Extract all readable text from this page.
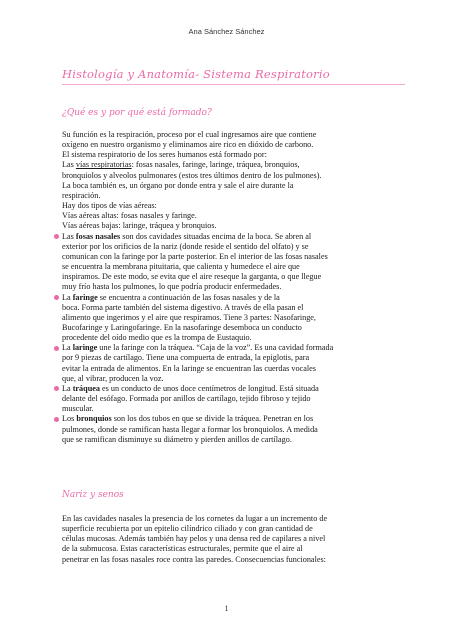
Ana Sánchez Sánchez
Histología y Anatomía- Sistema Respiratorio
¿Qué es y por qué está formado?
Su función es la respiración, proceso por el cual ingresamos aire que contiene
oxígeno en nuestro organismo y eliminamos aire rico en dióxido de carbono.
El sistema respiratorio de los seres humanos está formado por:
Las vías respiratorias: fosas nasales, faringe, laringe, tráquea, bronquios,
bronquiolos y alveolos pulmonares (estos tres últimos dentro de los pulmones).
La boca también es, un órgano por donde entra y sale el aire durante la
respiración.
Hay dos tipos de vías aéreas:
Vías aéreas altas: fosas nasales y faringe.
Vías aéreas bajas: laringe, tráquea y bronquios.
Las fosas nasales son dos cavidades situadas encima de la boca. Se abren al
exterior por los orificios de la nariz (donde reside el sentido del olfato) y se
comunican con la faringe por la parte posterior. En el interior de las fosas nasales
se encuentra la membrana pituitaria, que calienta y humedece el aire que
inspiramos. De este modo, se evita que el aire reseque la garganta, o que llegue
muy frío hasta los pulmones, lo que podría producir enfermedades.
La faringe se encuentra a continuación de las fosas nasales y de la
boca. Forma parte también del sistema digestivo. A través de ella pasan el
alimento que ingerimos y el aire que respiramos. Tiene 3 partes: Nasofaringe,
Bucofaringe y Laringofaringe. En la nasofaringe desemboca un conducto
procedente del oído medio que es la trompa de Eustaquio.
La laringe une la faringe con la tráquea. “Caja de la voz”. Es una cavidad formada
por 9 piezas de cartílago. Tiene una compuerta de entrada, la epiglotis, para
evitar la entrada de alimentos. En la laringe se encuentran las cuerdas vocales
que, al vibrar, producen la voz.
La tráquea es un conducto de unos doce centímetros de longitud. Está situada
delante del esófago. Formada por anillos de cartílago, tejido fibroso y tejido
muscular.
Los bronquios son los dos tubos en que se divide la tráquea. Penetran en los
pulmones, donde se ramifican hasta llegar a formar los bronquiolos. A medida
que se ramifican disminuye su diámetro y pierden anillos de cartílago.
Nariz y senos
En las cavidades nasales la presencia de los cornetes da lugar a un incremento de
superficie recubierta por un epitelio cilíndrico ciliado y con gran cantidad de
células mucosas. Además también hay pelos y una densa red de capilares a nivel
de la submucosa. Estas características estructurales, permite que el aire al
penetrar en las fosas nasales roce contra las paredes. Consecuencias funcionales:
1
